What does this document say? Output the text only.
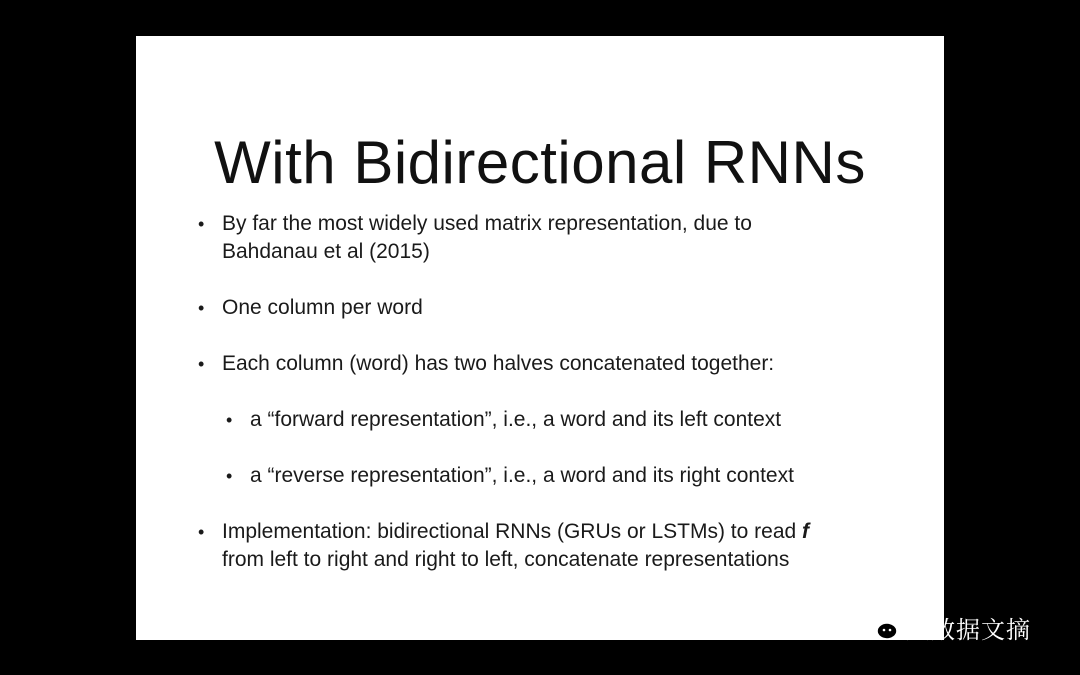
With Bidirectional RNNs
• By far the most widely used matrix representation, due to
Bahdanau et al (2015)
• One column per word
• Each column (word) has two halves concatenated together:
• a “forward representation”, i.e., a word and its left context
• a “reverse representation”, i.e., a word and its right context
• Implementation: bidirectional RNNs (GRUs or LSTMs) to read f
from left to right and right to left, concatenate representations
大数据文摘
